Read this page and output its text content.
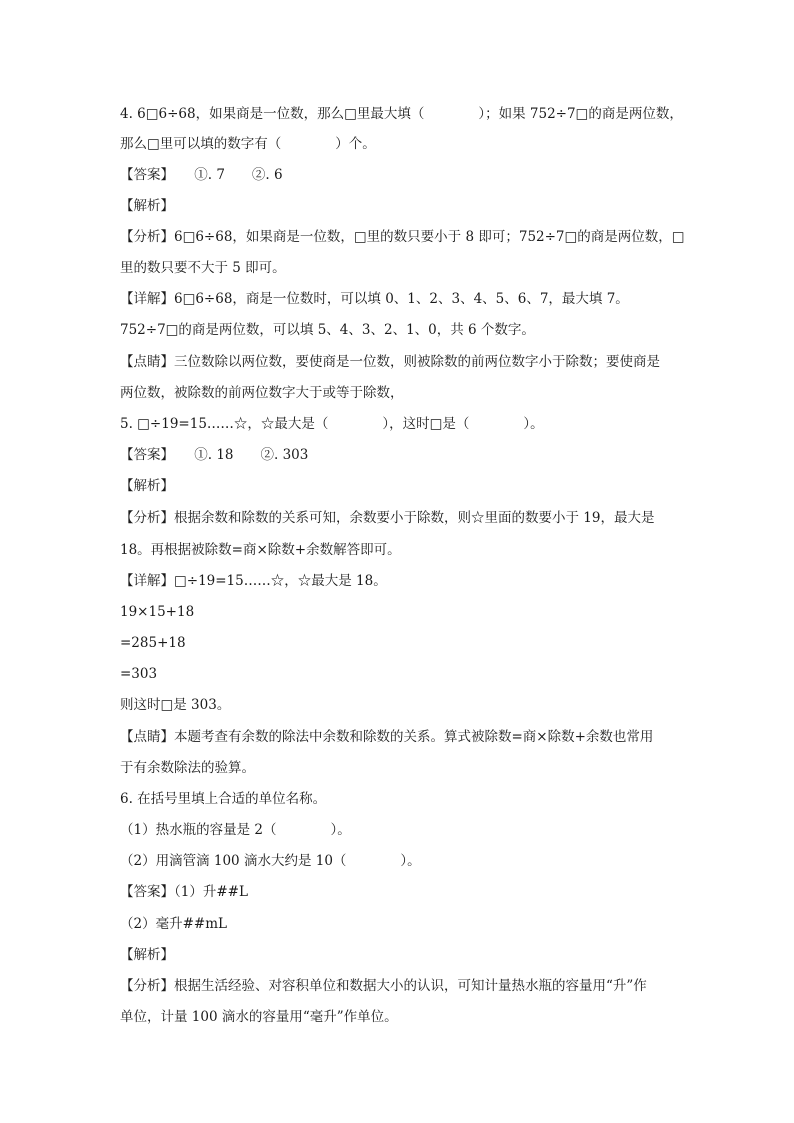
4. 6□6÷68，如果商是一位数，那么□里最大填（　　　　）；如果 752÷7□的商是两位数，
那么□里可以填的数字有（　　　　）个。
【答案】　　①. 7　　②. 6
【解析】
【分析】6□6÷68，如果商是一位数，□里的数只要小于 8 即可；752÷7□的商是两位数，□
里的数只要不大于 5 即可。
【详解】6□6÷68，商是一位数时，可以填 0、1、2、3、4、5、6、7，最大填 7。
752÷7□的商是两位数，可以填 5、4、3、2、1、0，共 6 个数字。
【点睛】三位数除以两位数，要使商是一位数，则被除数的前两位数字小于除数；要使商是
两位数，被除数的前两位数字大于或等于除数，
5. □÷19=15……☆，☆最大是（　　　　），这时□是（　　　　）。
【答案】　　①. 18　　②. 303
【解析】
【分析】根据余数和除数的关系可知，余数要小于除数，则☆里面的数要小于 19，最大是
18。再根据被除数=商×除数+余数解答即可。
【详解】□÷19=15……☆，☆最大是 18。
19×15+18
=285+18
=303
则这时□是 303。
【点睛】本题考查有余数的除法中余数和除数的关系。算式被除数=商×除数+余数也常用
于有余数除法的验算。
6. 在括号里填上合适的单位名称。
（1）热水瓶的容量是 2（　　　　）。
（2）用滴管滴 100 滴水大约是 10（　　　　）。
【答案】（1）升##L
（2）毫升##mL
【解析】
【分析】根据生活经验、对容积单位和数据大小的认识，可知计量热水瓶的容量用“升”作
单位，计量 100 滴水的容量用“毫升”作单位。
